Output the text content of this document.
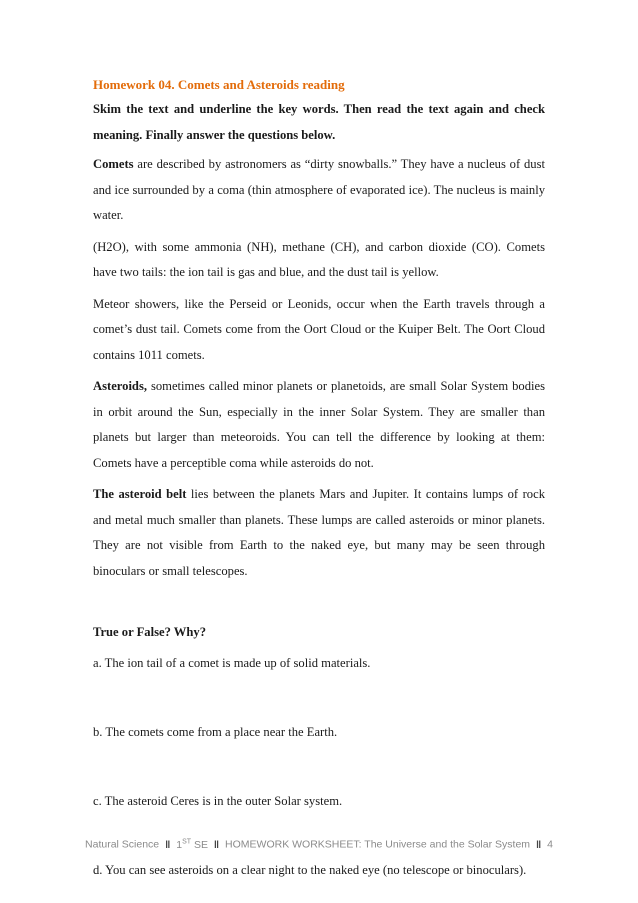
Homework 04. Comets and Asteroids reading

Skim the text and underline the key words. Then read the text again and check meaning. Finally answer the questions below.

Comets are described by astronomers as “dirty snowballs.” They have a nucleus of dust and ice surrounded by a coma (thin atmosphere of evaporated ice). The nucleus is mainly water.

(H2O), with some ammonia (NH), methane (CH), and carbon dioxide (CO). Comets have two tails: the ion tail is gas and blue, and the dust tail is yellow.

Meteor showers, like the Perseid or Leonids, occur when the Earth travels through a comet’s dust tail. Comets come from the Oort Cloud or the Kuiper Belt. The Oort Cloud contains 1011 comets.

Asteroids, sometimes called minor planets or planetoids, are small Solar System bodies in orbit around the Sun, especially in the inner Solar System. They are smaller than planets but larger than meteoroids. You can tell the difference by looking at them: Comets have a perceptible coma while asteroids do not.

The asteroid belt lies between the planets Mars and Jupiter. It contains lumps of rock and metal much smaller than planets. These lumps are called asteroids or minor planets. They are not visible from Earth to the naked eye, but many may be seen through binoculars or small telescopes.

True or False? Why?

a. The ion tail of a comet is made up of solid materials.

b. The comets come from a place near the Earth.

c. The asteroid Ceres is in the outer Solar system.

d. You can see asteroids on a clear night to the naked eye (no telescope or binoculars).

Natural Science ‖ 1ST SE ‖ HOMEWORK WORKSHEET: The Universe and the Solar System ‖ 4
